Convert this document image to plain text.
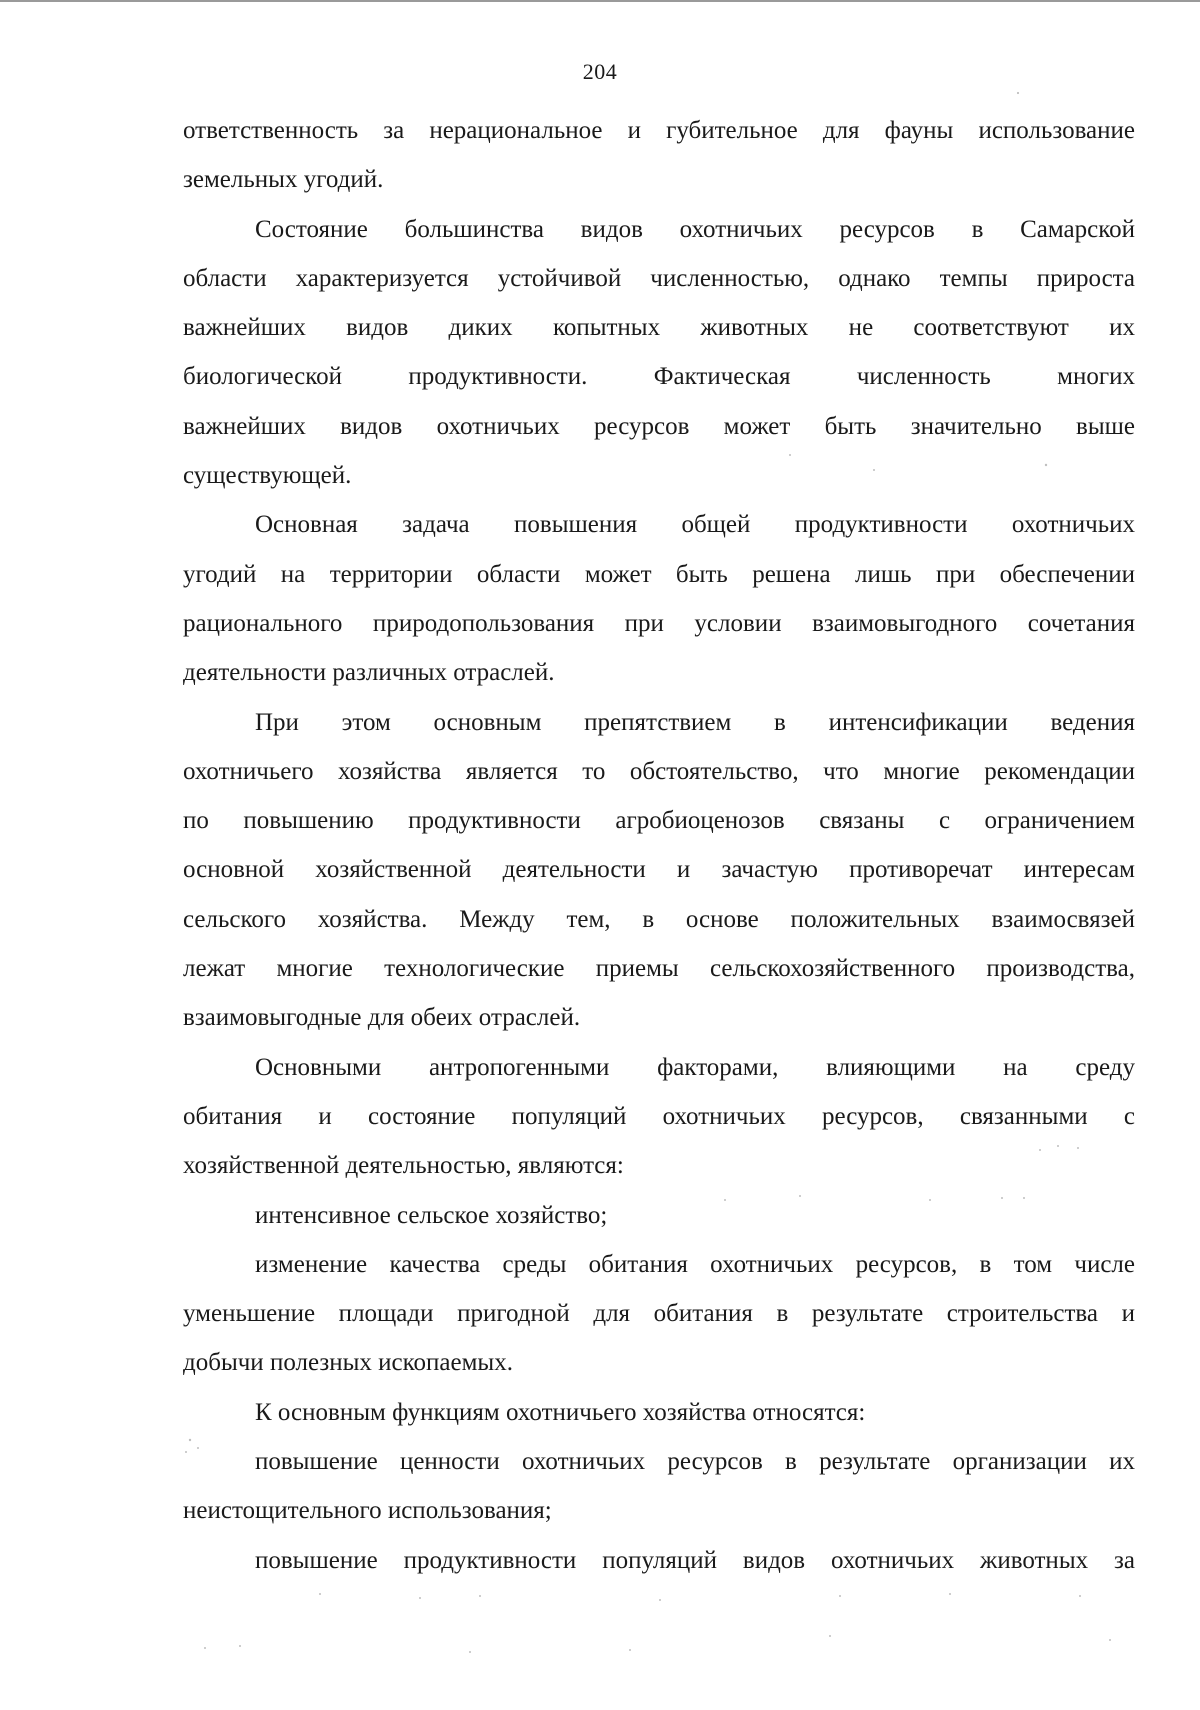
204
ответственность за нерациональное и губительное для фауны использование
земельных угодий.
Состояние большинства видов охотничьих ресурсов в Самарской
области характеризуется устойчивой численностью, однако темпы прироста
важнейших видов диких копытных животных не соответствуют их
биологической продуктивности. Фактическая численность многих
важнейших видов охотничьих ресурсов может быть значительно выше
существующей.
Основная задача повышения общей продуктивности охотничьих
угодий на территории области может быть решена лишь при обеспечении
рационального природопользования при условии взаимовыгодного сочетания
деятельности различных отраслей.
При этом основным препятствием в интенсификации ведения
охотничьего хозяйства является то обстоятельство, что многие рекомендации
по повышению продуктивности агробиоценозов связаны с ограничением
основной хозяйственной деятельности и зачастую противоречат интересам
сельского хозяйства. Между тем, в основе положительных взаимосвязей
лежат многие технологические приемы сельскохозяйственного производства,
взаимовыгодные для обеих отраслей.
Основными антропогенными факторами, влияющими на среду
обитания и состояние популяций охотничьих ресурсов, связанными с
хозяйственной деятельностью, являются:
интенсивное сельское хозяйство;
изменение качества среды обитания охотничьих ресурсов, в том числе
уменьшение площади пригодной для обитания в результате строительства и
добычи полезных ископаемых.
К основным функциям охотничьего хозяйства относятся:
повышение ценности охотничьих ресурсов в результате организации их
неистощительного использования;
повышение продуктивности популяций видов охотничьих животных за
